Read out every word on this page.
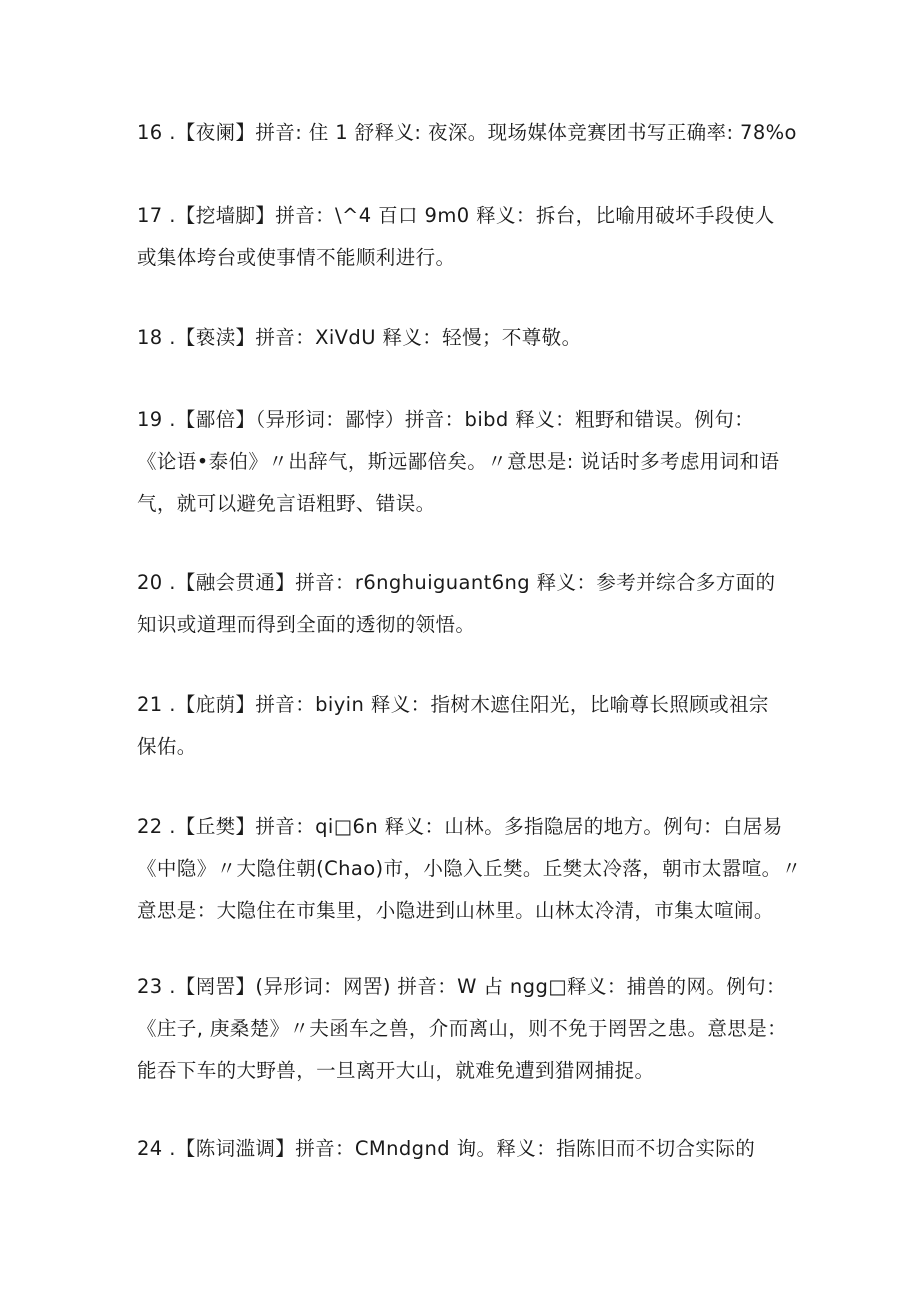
16 .【夜阑】拼音: 住 1 舒释义: 夜深。现场媒体竞赛团书写正确率: 78%o
17 .【挖墙脚】拼音：\^4 百口 9m0 释义：拆台，比喻用破坏手段使人
或集体垮台或使事情不能顺利进行。
18 .【亵渎】拼音：XiVdU 释义：轻慢；不尊敬。
19 .【鄙倍】（异形词：鄙悖）拼音：bibd 释义：粗野和错误。例句：
《论语•泰伯》〃出辞气，斯远鄙倍矣。〃意思是: 说话时多考虑用词和语
气，就可以避免言语粗野、错误。
20 .【融会贯通】拼音：r6nghuiguant6ng 释义：参考并综合多方面的
知识或道理而得到全面的透彻的领悟。
21 .【庇荫】拼音：biyin 释义：指树木遮住阳光，比喻尊长照顾或祖宗
保佑。
22 .【丘樊】拼音：qi□6n 释义：山林。多指隐居的地方。例句：白居易
《中隐》〃大隐住朝(Chao)市，小隐入丘樊。丘樊太冷落，朝市太嚣喧。〃
意思是：大隐住在市集里，小隐进到山林里。山林太冷清，市集太喧闹。
23 .【罔罟】(异形词：网罟) 拼音：W 占 ngg□释义：捕兽的网。例句：
《庄子, 庚桑楚》〃夫函车之兽，介而离山，则不免于罔罟之患。意思是：
能吞下车的大野兽，一旦离开大山，就难免遭到猎网捕捉。
24 .【陈词滥调】拼音：CMndgnd 询。释义：指陈旧而不切合实际的
